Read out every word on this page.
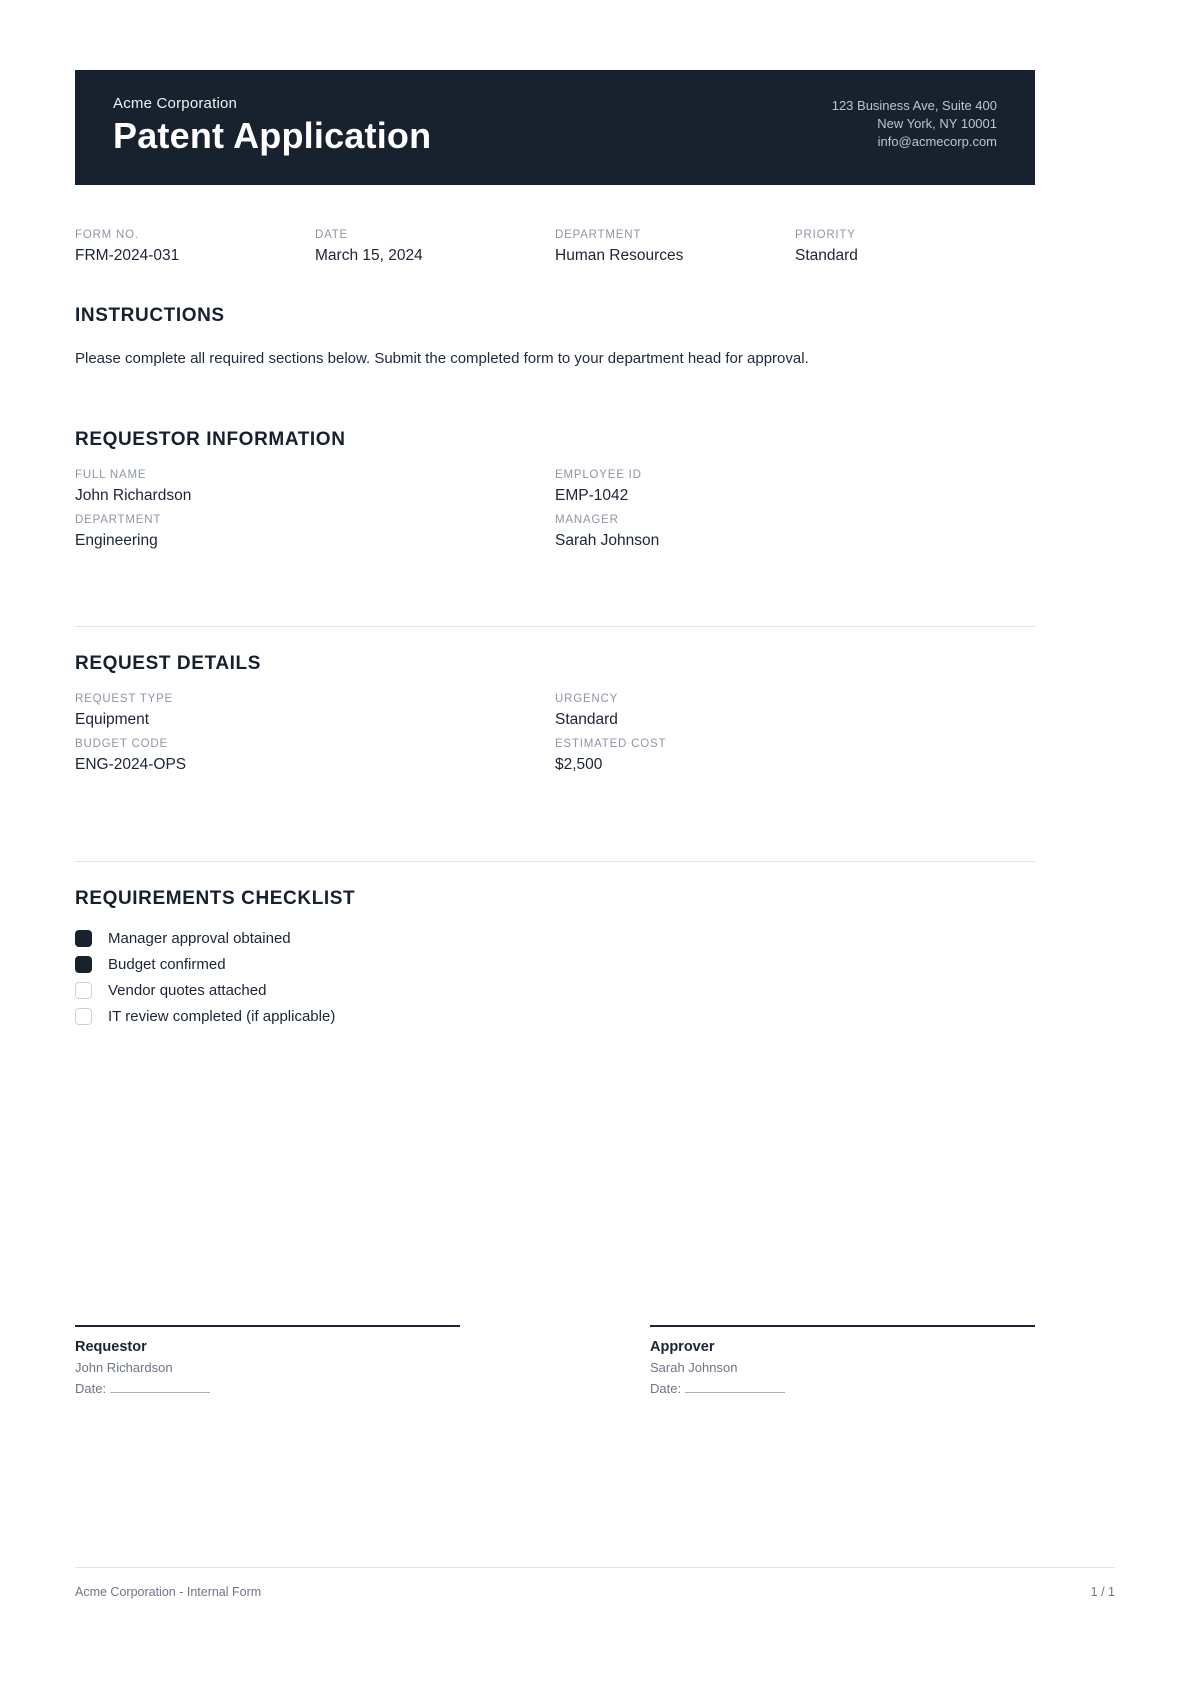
Acme Corporation
Patent Application
123 Business Ave, Suite 400
New York, NY 10001
info@acmecorp.com
FORM NO.
FRM-2024-031
DATE
March 15, 2024
DEPARTMENT
Human Resources
PRIORITY
Standard
INSTRUCTIONS

Please complete all required sections below. Submit the completed form to your department head for approval.

REQUESTOR INFORMATION
FULL NAME
John Richardson
EMPLOYEE ID
EMP-1042
DEPARTMENT
Engineering
MANAGER
Sarah Johnson
REQUEST DETAILS
REQUEST TYPE
Equipment
URGENCY
Standard
BUDGET CODE
ENG-2024-OPS
ESTIMATED COST
$2,500
REQUIREMENTS CHECKLIST
Manager approval obtained
Budget confirmed
Vendor quotes attached
IT review completed (if applicable)
Requestor
John Richardson
Date:
Approver
Sarah Johnson
Date:
Acme Corporation - Internal Form	1 / 1
